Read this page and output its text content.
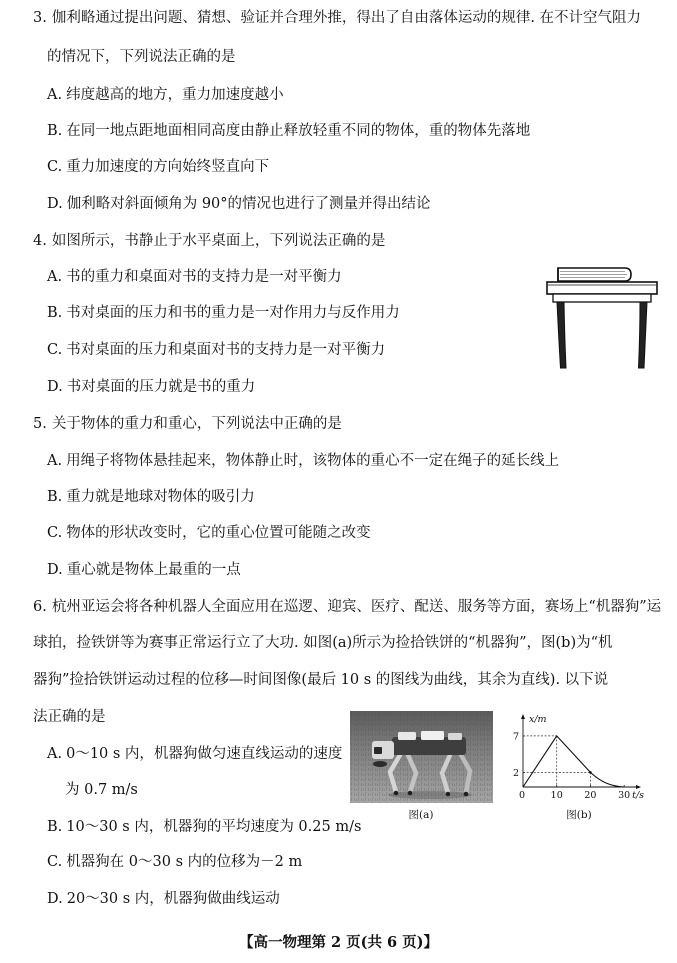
3. 伽利略通过提出问题、猜想、验证并合理外推，得出了自由落体运动的规律. 在不计空气阻力
的情况下，下列说法正确的是
A. 纬度越高的地方，重力加速度越小
B. 在同一地点距地面相同高度由静止释放轻重不同的物体，重的物体先落地
C. 重力加速度的方向始终竖直向下
D. 伽利略对斜面倾角为 90°的情况也进行了测量并得出结论
4. 如图所示，书静止于水平桌面上，下列说法正确的是
A. 书的重力和桌面对书的支持力是一对平衡力
B. 书对桌面的压力和书的重力是一对作用力与反作用力
C. 书对桌面的压力和桌面对书的支持力是一对平衡力
D. 书对桌面的压力就是书的重力
5. 关于物体的重力和重心，下列说法中正确的是
A. 用绳子将物体悬挂起来，物体静止时，该物体的重心不一定在绳子的延长线上
B. 重力就是地球对物体的吸引力
C. 物体的形状改变时，它的重心位置可能随之改变
D. 重心就是物体上最重的一点
6. 杭州亚运会将各种机器人全面应用在巡逻、迎宾、医疗、配送、服务等方面，赛场上“机器狗”运
球拍，捡铁饼等为赛事正常运行立了大功. 如图(a)所示为捡拾铁饼的“机器狗”，图(b)为“机
器狗”捡拾铁饼运动过程的位移—时间图像(最后 10 s 的图线为曲线，其余为直线). 以下说
法正确的是
A. 0～10 s 内，机器狗做匀速直线运动的速度
为 0.7 m/s
B. 10～30 s 内，机器狗的平均速度为 0.25 m/s
C. 机器狗在 0～30 s 内的位移为－2 m
D. 20～30 s 内，机器狗做曲线运动
图(a)
x/m
t/s
0	10 20 30
2
7
图(b)
【高一物理第 2 页(共 6 页)】
